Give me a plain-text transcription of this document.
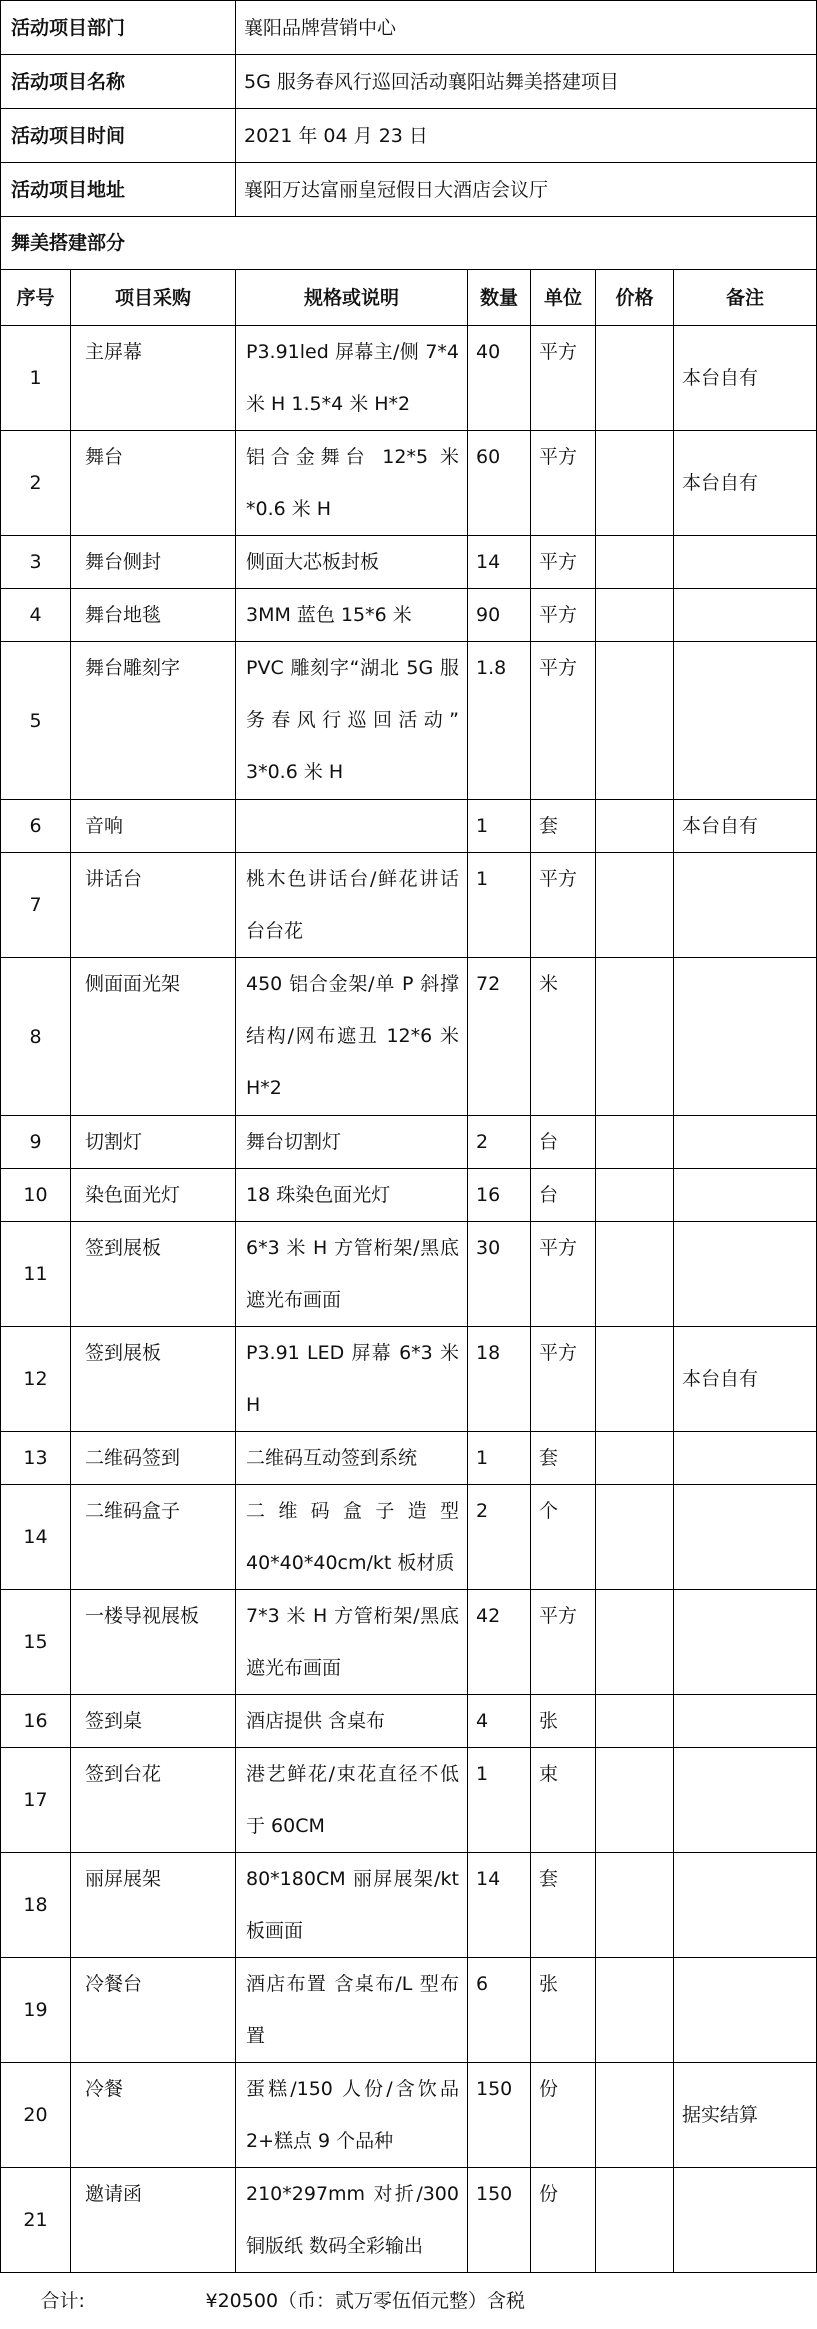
活动项目部门	襄阳品牌营销中心
活动项目名称	5G 服务春风行巡回活动襄阳站舞美搭建项目
活动项目时间	2021 年 04 月 23 日
活动项目地址	襄阳万达富丽皇冠假日大酒店会议厅
舞美搭建部分
序号	项目采购	规格或说明	数量	单位	价格	备注
1	主屏幕	P3.91led 屏幕主/侧 7*4 米 H 1.5*4 米 H*2	40	平方		本台自有
2	舞台	铝合金舞台 12*5 米 *0.6 米 H	60	平方		本台自有
3	舞台侧封	侧面大芯板封板	14	平方		
4	舞台地毯	3MM 蓝色 15*6 米	90	平方		
5	舞台雕刻字	PVC 雕刻字“湖北 5G 服务春风行巡回活动” 3*0.6 米 H	1.8	平方		
6	音响		1	套		本台自有
7	讲话台	桃木色讲话台/鲜花讲话台台花	1	平方		
8	侧面面光架	450 铝合金架/单 P 斜撑结构/网布遮丑 12*6 米 H*2	72	米		
9	切割灯	舞台切割灯	2	台		
10	染色面光灯	18 珠染色面光灯	16	台		
11	签到展板	6*3 米 H 方管桁架/黑底遮光布画面	30	平方		
12	签到展板	P3.91 LED 屏幕 6*3 米 H	18	平方		本台自有
13	二维码签到	二维码互动签到系统	1	套		
14	二维码盒子	二维码盒子造型 40*40*40cm/kt 板材质	2	个		
15	一楼导视展板	7*3 米 H 方管桁架/黑底遮光布画面	42	平方		
16	签到桌	酒店提供 含桌布	4	张		
17	签到台花	港艺鲜花/束花直径不低于 60CM	1	束		
18	丽屏展架	80*180CM 丽屏展架/kt 板画面	14	套		
19	冷餐台	酒店布置 含桌布/L 型布置	6	张		
20	冷餐	蛋糕/150 人份/含饮品 2+糕点 9 个品种	150	份		据实结算
21	邀请函	210*297mm 对折/300 铜版纸 数码全彩输出	150	份		
合计:	¥20500（币：贰万零伍佰元整）含税
